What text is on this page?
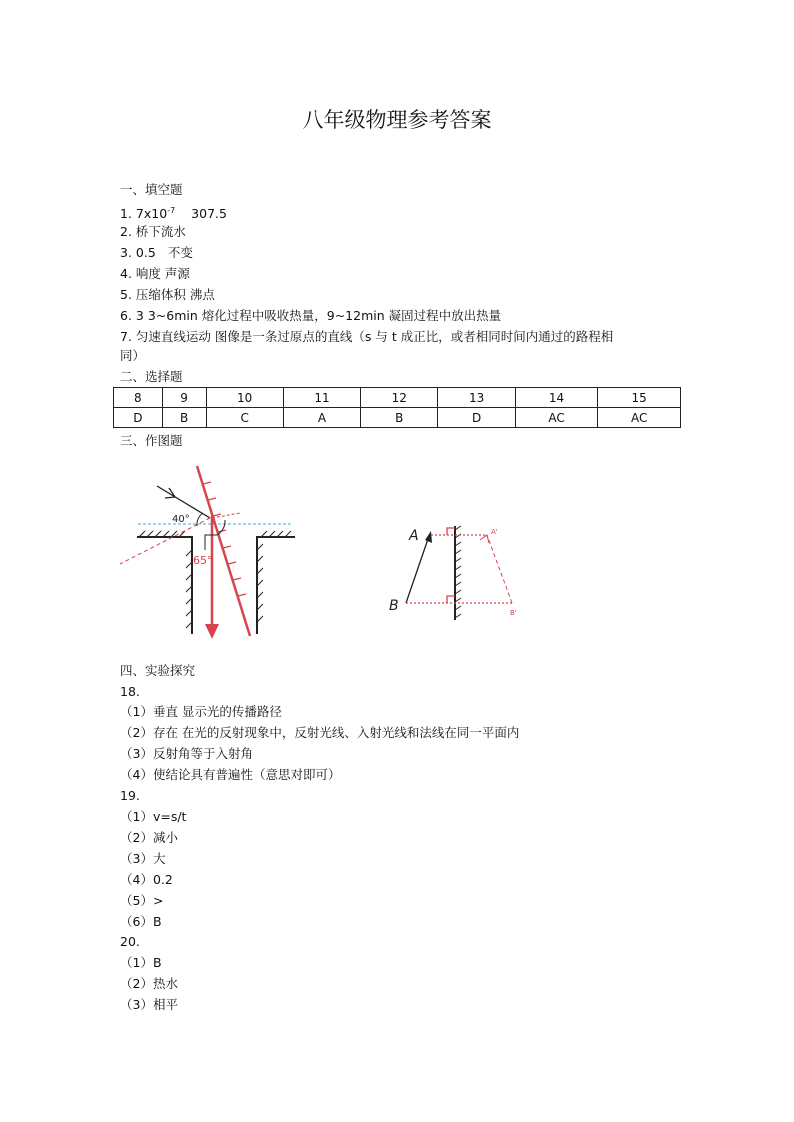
八年级物理参考答案
一、填空题
1. $7x10^{-7}$ 307.5
2. 桥下流水
3. 0.5 不变
4. 响度 声源
5. 压缩体积 沸点
6. 3 3~6min 熔化过程中吸收热量，9~12min 凝固过程中放出热量
7. 匀速直线运动 图像是一条过原点的直线（s 与 t 成正比，或者相同时间内通过的路程相
同）
二、选择题
8	9	10	11	12	13	14	15
D	B	C	A	B	D	AC	AC
三、作图题
40°
65°
A
B
A'
B'
四、实验探究
18.
（1）垂直 显示光的传播路径
（2）存在 在光的反射现象中，反射光线、入射光线和法线在同一平面内
（3）反射角等于入射角
（4）使结论具有普遍性（意思对即可）
19.
（1）v=s/t
（2）减小
（3）大
（4）0.2
（5）>
（6）B
20.
（1）B
（2）热水
（3）相平
